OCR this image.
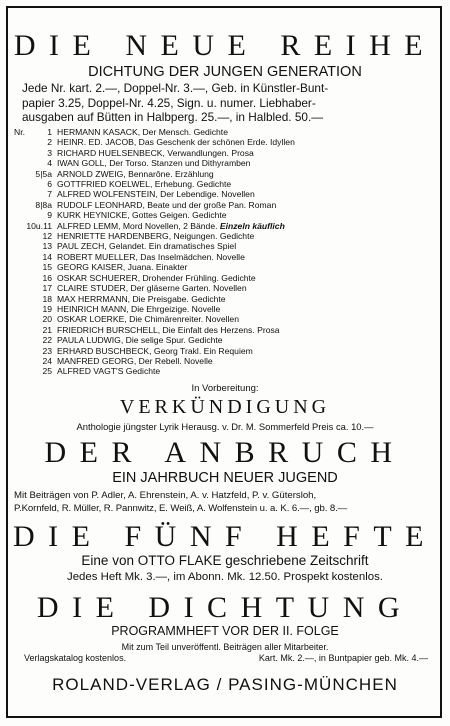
DIE NEUE REIHE
DICHTUNG DER JUNGEN GENERATION
Jede Nr. kart. 2.—, Doppel-Nr. 3.—, Geb. in Künstler-Bunt-
papier 3.25, Doppel-Nr. 4.25, Sign. u. numer. Liebhaber-
ausgaben auf Bütten in Halbperg. 25.—, in Halbled. 50.—
Nr.	1 HERMANN KASACK, Der Mensch. Gedichte
2 HEINR. ED. JACOB, Das Geschenk der schönen Erde. Idyllen
3 RICHARD HUELSENBECK, Verwandlungen. Prosa
4 IWAN GOLL, Der Torso. Stanzen und Dithyramben
5|5a ARNOLD ZWEIG, Bennarône. Erzählung
6 GOTTFRIED KOELWEL, Erhebung. Gedichte
7 ALFRED WOLFENSTEIN, Der Lebendige. Novellen
8|8a RUDOLF LEONHARD, Beate und der große Pan. Roman
9 KURK HEYNICKE, Gottes Geigen. Gedichte
10u.11 ALFRED LEMM, Mord Novellen, 2 Bände. Einzeln käuflich
12 HENRIETTE HARDENBERG, Neigungen. Gedichte
13 PAUL ZECH, Gelandet. Ein dramatisches Spiel
14 ROBERT MUELLER, Das Inselmädchen. Novelle
15 GEORG KAISER, Juana. Einakter
16 OSKAR SCHUERER, Drohender Frühling. Gedichte
17 CLAIRE STUDER, Der gläserne Garten. Novellen
18 MAX HERRMANN, Die Preisgabe. Gedichte
19 HEINRICH MANN, Die Ehrgeizige. Novelle
20 OSKAR LOERKE, Die Chimärenreiter. Novellen
21 FRIEDRICH BURSCHELL, Die Einfalt des Herzens. Prosa
22 PAULA LUDWIG, Die selige Spur. Gedichte
23 ERHARD BUSCHBECK, Georg Trakl. Ein Requiem
24 MANFRED GEORG, Der Rebell. Novelle
25 ALFRED VAGT'S Gedichte
In Vorbereitung:
VERKÜNDIGUNG
Anthologie jüngster Lyrik Herausg. v. Dr. M. Sommerfeld Preis ca. 10.—
DER ANBRUCH
EIN JAHRBUCH NEUER JUGEND
Mit Beiträgen von P. Adler, A. Ehrenstein, A. v. Hatzfeld, P. v. Gütersloh,
P.Kornfeld, R. Müller, R. Pannwitz, E. Weiß, A. Wolfenstein u. a. K. 6.—, gb. 8.—
DIE FÜNF HEFTE
Eine von OTTO FLAKE geschriebene Zeitschrift
Jedes Heft Mk. 3.—, im Abonn. Mk. 12.50. Prospekt kostenlos.
DIE DICHTUNG
PROGRAMMHEFT VOR DER II. FOLGE
Mit zum Teil unveröffentl. Beiträgen aller Mitarbeiter.
Verlagskatalog kostenlos.	Kart. Mk. 2.—, in Buntpapier geb. Mk. 4.—
ROLAND-VERLAG / PASING-MÜNCHEN
